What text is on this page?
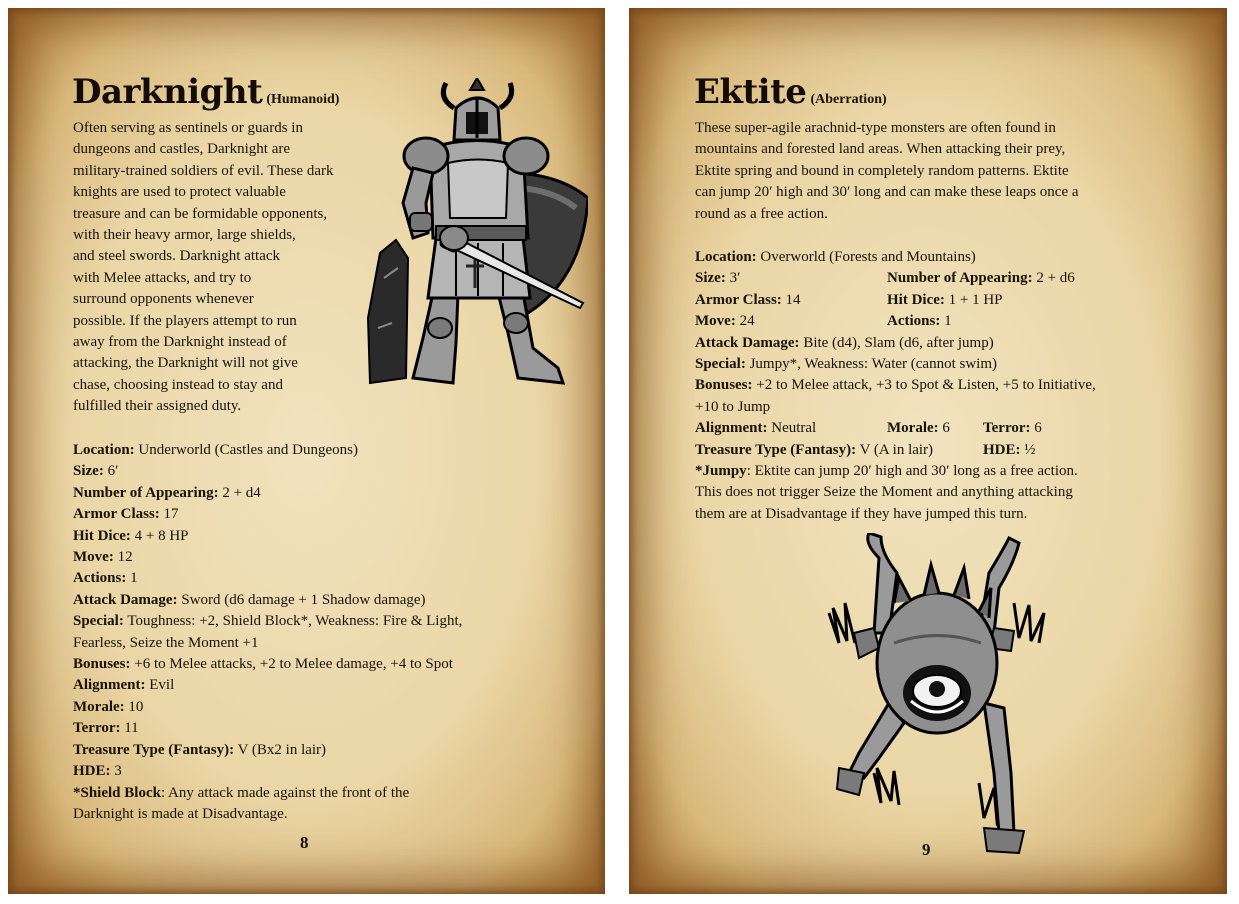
Darknight (Humanoid)
Often serving as sentinels or guards in
dungeons and castles, Darknight are
military-trained soldiers of evil. These dark
knights are used to protect valuable
treasure and can be formidable opponents,
with their heavy armor, large shields,
and steel swords. Darknight attack
with Melee attacks, and try to
surround opponents whenever
possible. If the players attempt to run
away from the Darknight instead of
attacking, the Darknight will not give
chase, choosing instead to stay and
fulfilled their assigned duty.
Location: Underworld (Castles and Dungeons)
Size: 6′
Number of Appearing: 2 + d4
Armor Class: 17
Hit Dice: 4 + 8 HP
Move: 12
Actions: 1
Attack Damage: Sword (d6 damage + 1 Shadow damage)
Special: Toughness: +2, Shield Block*, Weakness: Fire & Light,
Fearless, Seize the Moment +1
Bonuses: +6 to Melee attacks, +2 to Melee damage, +4 to Spot
Alignment: Evil
Morale: 10
Terror: 11
Treasure Type (Fantasy): V (Bx2 in lair)
HDE: 3
*Shield Block: Any attack made against the front of the
Darknight is made at Disadvantage.
8
Ektite (Aberration)
These super-agile arachnid-type monsters are often found in
mountains and forested land areas. When attacking their prey,
Ektite spring and bound in completely random patterns. Ektite
can jump 20′ high and 30′ long and can make these leaps once a
round as a free action.
Location: Overworld (Forests and Mountains)
Size: 3′	Number of Appearing: 2 + d6
Armor Class: 14	Hit Dice: 1 + 1 HP
Move: 24	Actions: 1
Attack Damage: Bite (d4), Slam (d6, after jump)
Special: Jumpy*, Weakness: Water (cannot swim)
Bonuses: +2 to Melee attack, +3 to Spot & Listen, +5 to Initiative,
+10 to Jump
Alignment: Neutral	Morale: 6 Terror: 6
Treasure Type (Fantasy): V (A in lair)	HDE: ½
*Jumpy: Ektite can jump 20′ high and 30′ long as a free action.
This does not trigger Seize the Moment and anything attacking
them are at Disadvantage if they have jumped this turn.
9
